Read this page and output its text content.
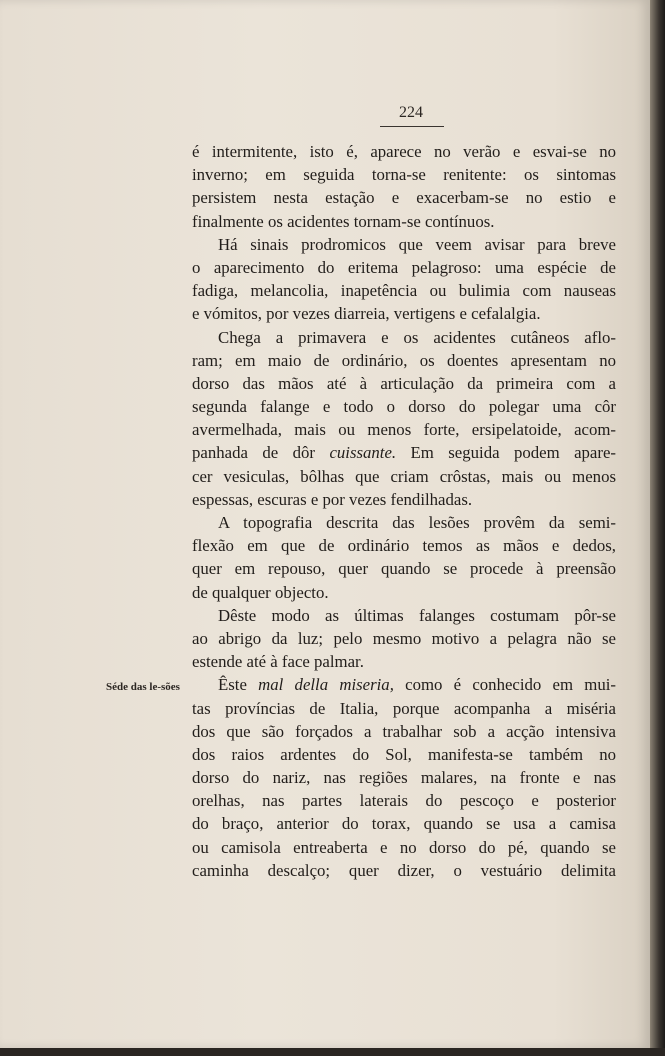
224
Séde das le-sões
é intermitente, isto é, aparece no verão e esvai-se no
inverno; em seguida torna-se renitente: os sintomas
persistem nesta estação e exacerbam-se no estio e
finalmente os acidentes tornam-se contínuos.
Há sinais prodromicos que veem avisar para breve
o aparecimento do eritema pelagroso: uma espécie de
fadiga, melancolia, inapetência ou bulimia com nauseas
e vómitos, por vezes diarreia, vertigens e cefalalgia.
Chega a primavera e os acidentes cutâneos aflo-
ram; em maio de ordinário, os doentes apresentam no
dorso das mãos até à articulação da primeira com a
segunda falange e todo o dorso do polegar uma côr
avermelhada, mais ou menos forte, ersipelatoide, acom-
panhada de dôr cuissante. Em seguida podem apare-
cer vesiculas, bôlhas que criam crôstas, mais ou menos
espessas, escuras e por vezes fendilhadas.
A topografia descrita das lesões provêm da semi-
flexão em que de ordinário temos as mãos e dedos,
quer em repouso, quer quando se procede à preensão
de qualquer objecto.
Dêste modo as últimas falanges costumam pôr-se
ao abrigo da luz; pelo mesmo motivo a pelagra não se
estende até à face palmar.
Êste mal della miseria, como é conhecido em mui-
tas províncias de Italia, porque acompanha a miséria
dos que são forçados a trabalhar sob a acção intensiva
dos raios ardentes do Sol, manifesta-se também no
dorso do nariz, nas regiões malares, na fronte e nas
orelhas, nas partes laterais do pescoço e posterior
do braço, anterior do torax, quando se usa a camisa
ou camisola entreaberta e no dorso do pé, quando se
caminha descalço; quer dizer, o vestuário delimita
